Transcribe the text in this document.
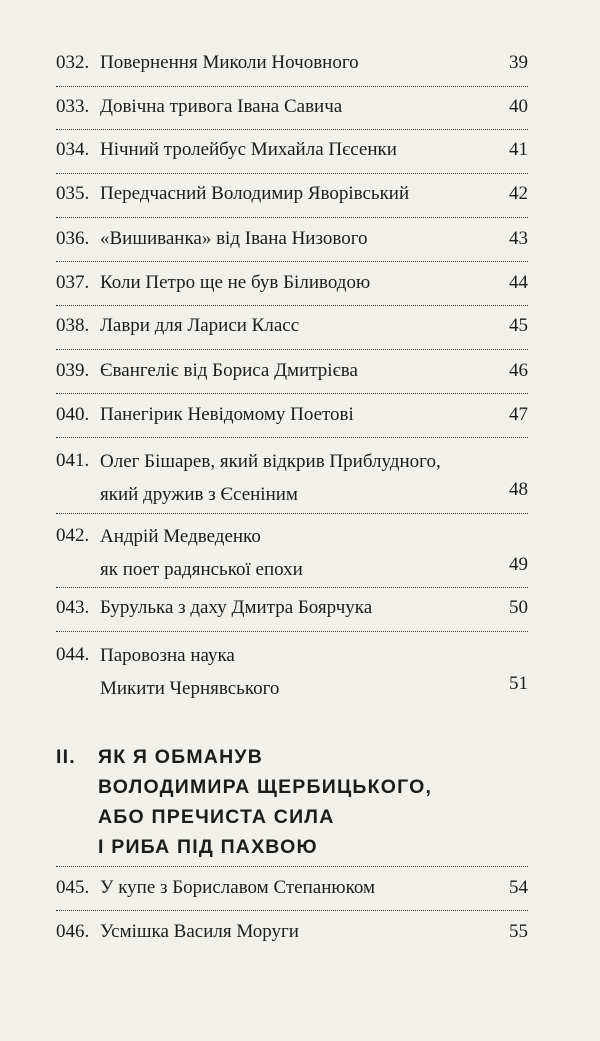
032. Повернення Миколи Ночовного	39
033. Довічна тривога Івана Савича	40
034. Нічний тролейбус Михайла Пєсенки	41
035. Передчасний Володимир Яворівський	42
036. «Вишиванка» від Івана Низового	43
037. Коли Петро ще не був Біливодою	44
038. Лаври для Лариси Класс	45
039. Євангеліє від Бориса Дмитрієва	46
040. Панегірик Невідомому Поетові	47
041. Олег Бішарев, який відкрив Приблудного,
який дружив з Єсеніним	48
042. Андрій Медведенко
як поет радянської епохи	49
043. Бурулька з даху Дмитра Боярчука	50
044. Паровозна наука
Микити Чернявського	51
II. ЯК Я ОБМАНУВ
ВОЛОДИМИРА ЩЕРБИЦЬКОГО,
АБО ПРЕЧИСТА СИЛА
І РИБА ПІД ПАХВОЮ
045. У купе з Бориславом Степанюком	54
046. Усмішка Василя Моруги	55
